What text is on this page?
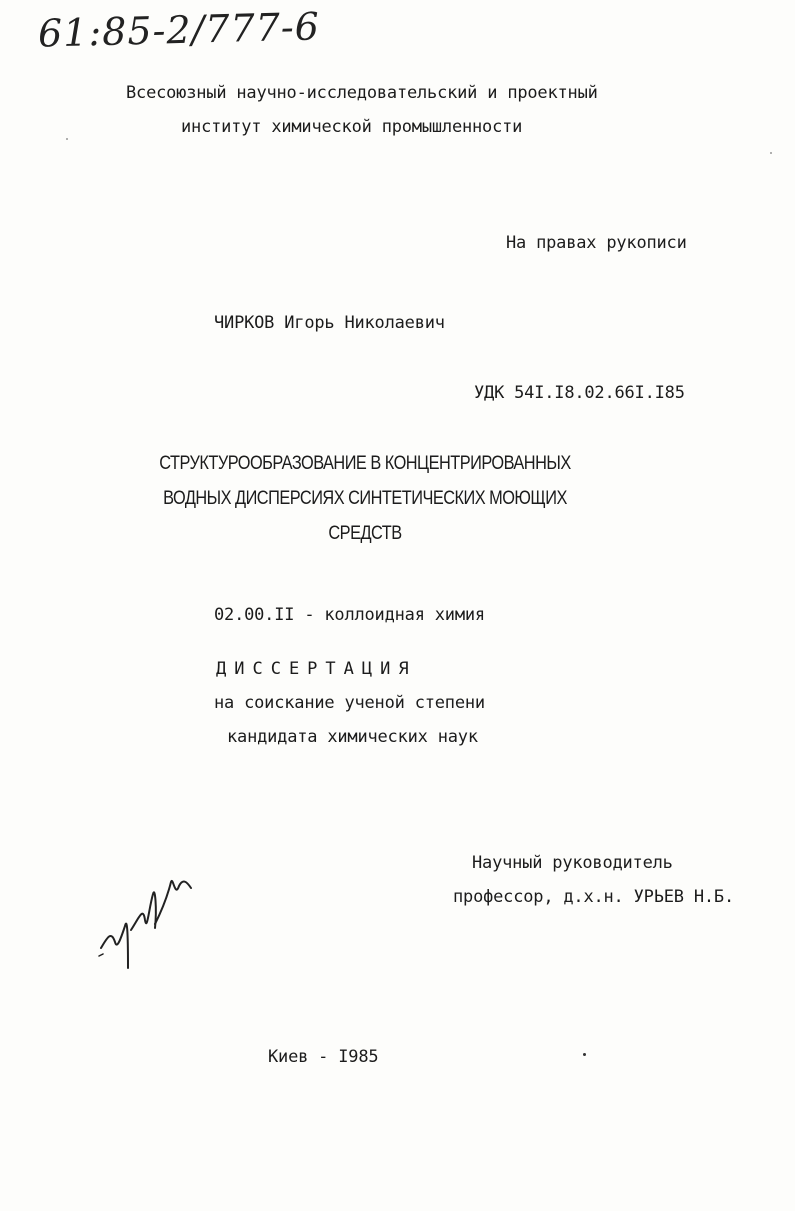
61:85-2/777-6
Всесоюзный научно-исследовательский и проектный
институт химической промышленности
На правах рукописи
ЧИРКОВ Игорь Николаевич
УДК 54I.I8.02.66I.I85
СТРУКТУРООБРАЗОВАНИЕ В КОНЦЕНТРИРОВАННЫХ
ВОДНЫХ ДИСПЕРСИЯХ СИНТЕТИЧЕСКИХ МОЮЩИХ
СРЕДСТВ
02.00.II - коллоидная химия
ДИССЕРТАЦИЯ
на соискание ученой степени
кандидата химических наук
Научный руководитель
профессор, д.х.н. УРЬЕВ Н.Б.
Киев - I985
